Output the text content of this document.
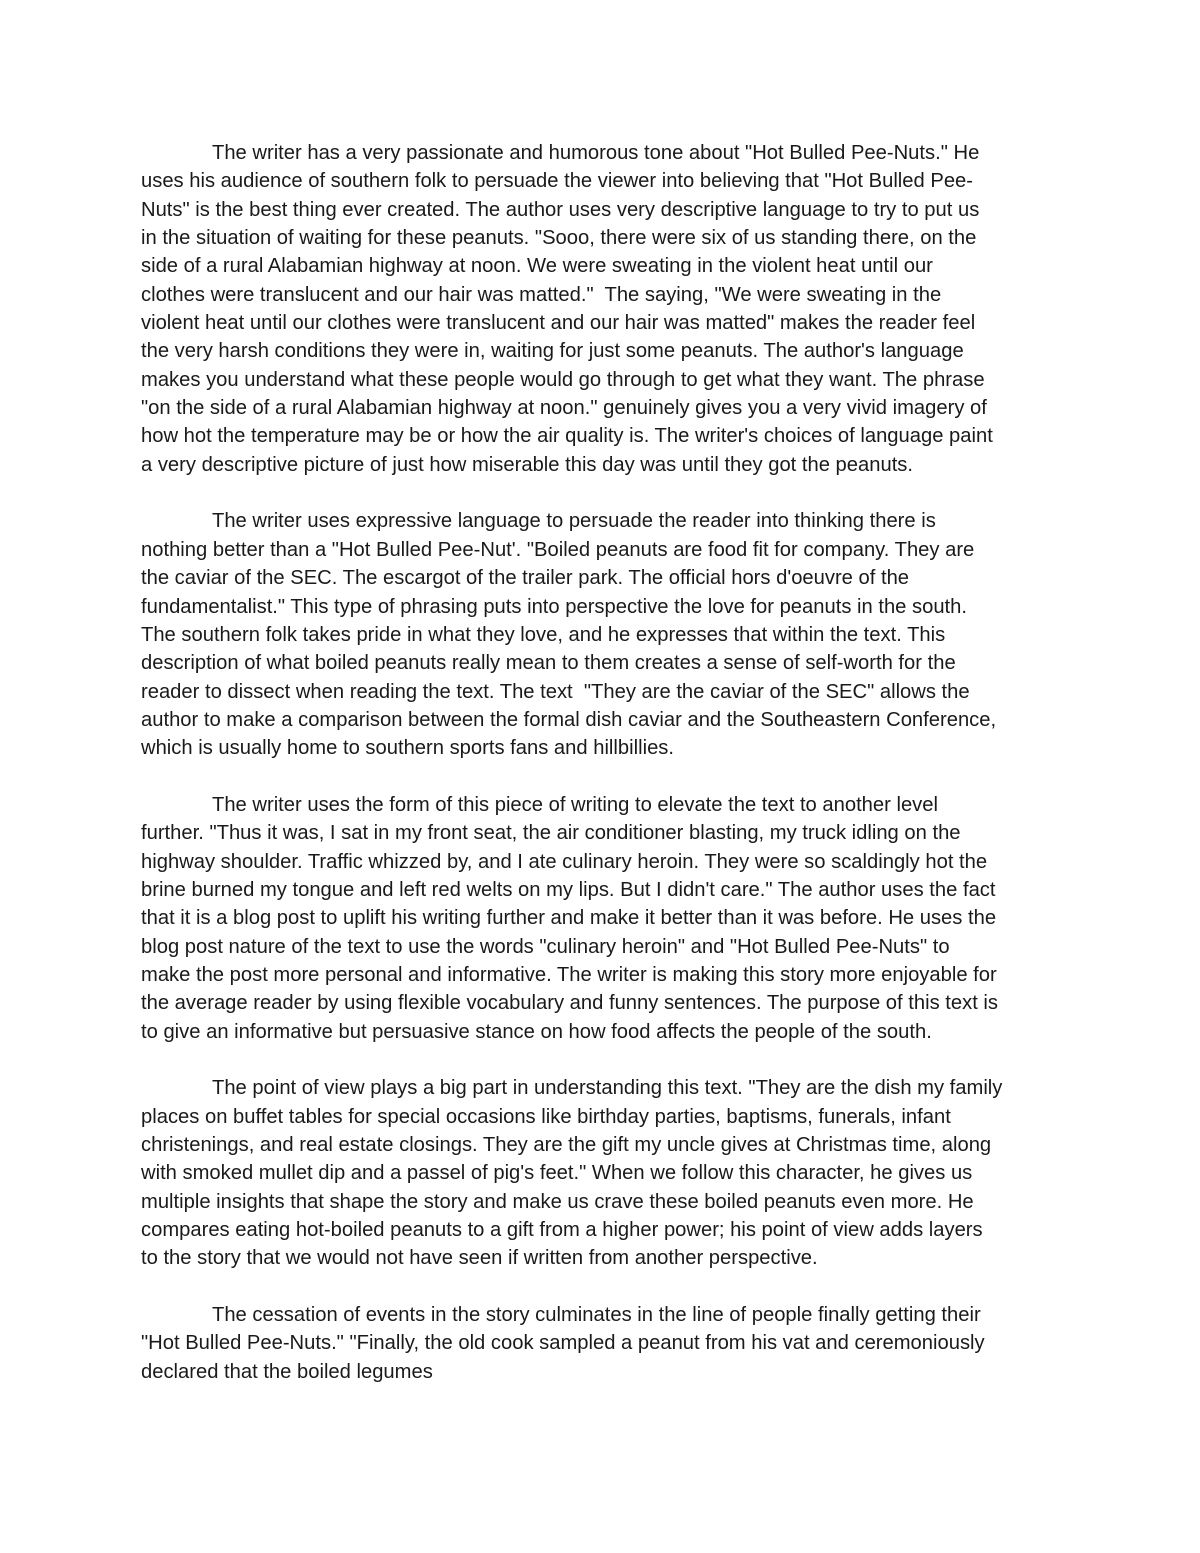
The writer has a very passionate and humorous tone about "Hot Bulled Pee-Nuts." He
uses his audience of southern folk to persuade the viewer into believing that "Hot Bulled Pee-
Nuts" is the best thing ever created. The author uses very descriptive language to try to put us
in the situation of waiting for these peanuts. "Sooo, there were six of us standing there, on the
side of a rural Alabamian highway at noon. We were sweating in the violent heat until our
clothes were translucent and our hair was matted."  The saying, "We were sweating in the
violent heat until our clothes were translucent and our hair was matted" makes the reader feel
the very harsh conditions they were in, waiting for just some peanuts. The author's language
makes you understand what these people would go through to get what they want. The phrase
"on the side of a rural Alabamian highway at noon." genuinely gives you a very vivid imagery of
how hot the temperature may be or how the air quality is. The writer's choices of language paint
a very descriptive picture of just how miserable this day was until they got the peanuts.
The writer uses expressive language to persuade the reader into thinking there is
nothing better than a "Hot Bulled Pee-Nut'. "Boiled peanuts are food fit for company. They are
the caviar of the SEC. The escargot of the trailer park. The official hors d'oeuvre of the
fundamentalist." This type of phrasing puts into perspective the love for peanuts in the south.
The southern folk takes pride in what they love, and he expresses that within the text. This
description of what boiled peanuts really mean to them creates a sense of self-worth for the
reader to dissect when reading the text. The text  "They are the caviar of the SEC" allows the
author to make a comparison between the formal dish caviar and the Southeastern Conference,
which is usually home to southern sports fans and hillbillies.
The writer uses the form of this piece of writing to elevate the text to another level
further. "Thus it was, I sat in my front seat, the air conditioner blasting, my truck idling on the
highway shoulder. Traffic whizzed by, and I ate culinary heroin. They were so scaldingly hot the
brine burned my tongue and left red welts on my lips. But I didn't care." The author uses the fact
that it is a blog post to uplift his writing further and make it better than it was before. He uses the
blog post nature of the text to use the words "culinary heroin" and "Hot Bulled Pee-Nuts" to
make the post more personal and informative. The writer is making this story more enjoyable for
the average reader by using flexible vocabulary and funny sentences. The purpose of this text is
to give an informative but persuasive stance on how food affects the people of the south.
The point of view plays a big part in understanding this text. "They are the dish my family
places on buffet tables for special occasions like birthday parties, baptisms, funerals, infant
christenings, and real estate closings. They are the gift my uncle gives at Christmas time, along
with smoked mullet dip and a passel of pig's feet." When we follow this character, he gives us
multiple insights that shape the story and make us crave these boiled peanuts even more. He
compares eating hot-boiled peanuts to a gift from a higher power; his point of view adds layers
to the story that we would not have seen if written from another perspective.
The cessation of events in the story culminates in the line of people finally getting their
"Hot Bulled Pee-Nuts." "Finally, the old cook sampled a peanut from his vat and ceremoniously
declared that the boiled legumes
